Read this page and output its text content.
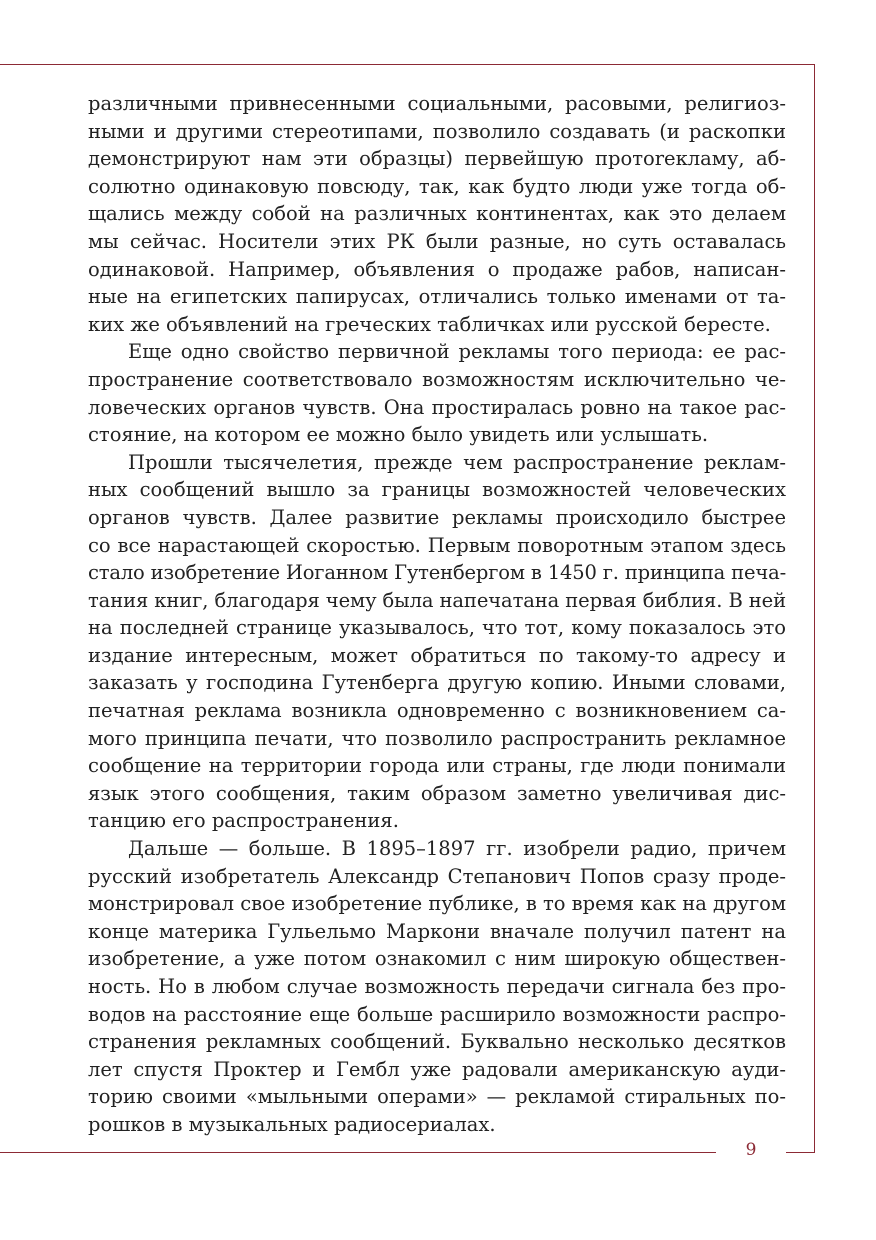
различными привнесенными социальными, расовыми, религиоз-
ными и другими стереотипами, позволило создавать (и раскопки
демонстрируют нам эти образцы) первейшую протоrекламу, аб-
солютно одинаковую повсюду, так, как будто люди уже тогда об-
щались между собой на различных континентах, как это делаем
мы сейчас. Носители этих РК были разные, но суть оставалась
одинаковой. Например, объявления о продаже рабов, написан-
ные на египетских папирусах, отличались только именами от та-
ких же объявлений на греческих табличках или русской бересте.
Еще одно свойство первичной рекламы того периода: ее рас-
пространение соответствовало возможностям исключительно че-
ловеческих органов чувств. Она простиралась ровно на такое рас-
стояние, на котором ее можно было увидеть или услышать.
Прошли тысячелетия, прежде чем распространение реклам-
ных сообщений вышло за границы возможностей человеческих
органов чувств. Далее развитие рекламы происходило быстрее
со все нарастающей скоростью. Первым поворотным этапом здесь
стало изобретение Иоганном Гутенбергом в 1450 г. принципа печа-
тания книг, благодаря чему была напечатана первая библия. В ней
на последней странице указывалось, что тот, кому показалось это
издание интересным, может обратиться по такому-то адресу и
заказать у господина Гутенберга другую копию. Иными словами,
печатная реклама возникла одновременно с возникновением са-
мого принципа печати, что позволило распространить рекламное
сообщение на территории города или страны, где люди понимали
язык этого сообщения, таким образом заметно увеличивая дис-
танцию его распространения.
Дальше — больше. В 1895–1897 гг. изобрели радио, причем
русский изобретатель Александр Степанович Попов сразу проде-
монстрировал свое изобретение публике, в то время как на другом
конце материка Гульельмо Маркони вначале получил патент на
изобретение, а уже потом ознакомил с ним широкую обществен-
ность. Но в любом случае возможность передачи сигнала без про-
водов на расстояние еще больше расширило возможности распро-
странения рекламных сообщений. Буквально несколько десятков
лет спустя Проктер и Гембл уже радовали американскую ауди-
торию своими «мыльными операми» — рекламой стиральных по-
рошков в музыкальных радиосериалах.
9
